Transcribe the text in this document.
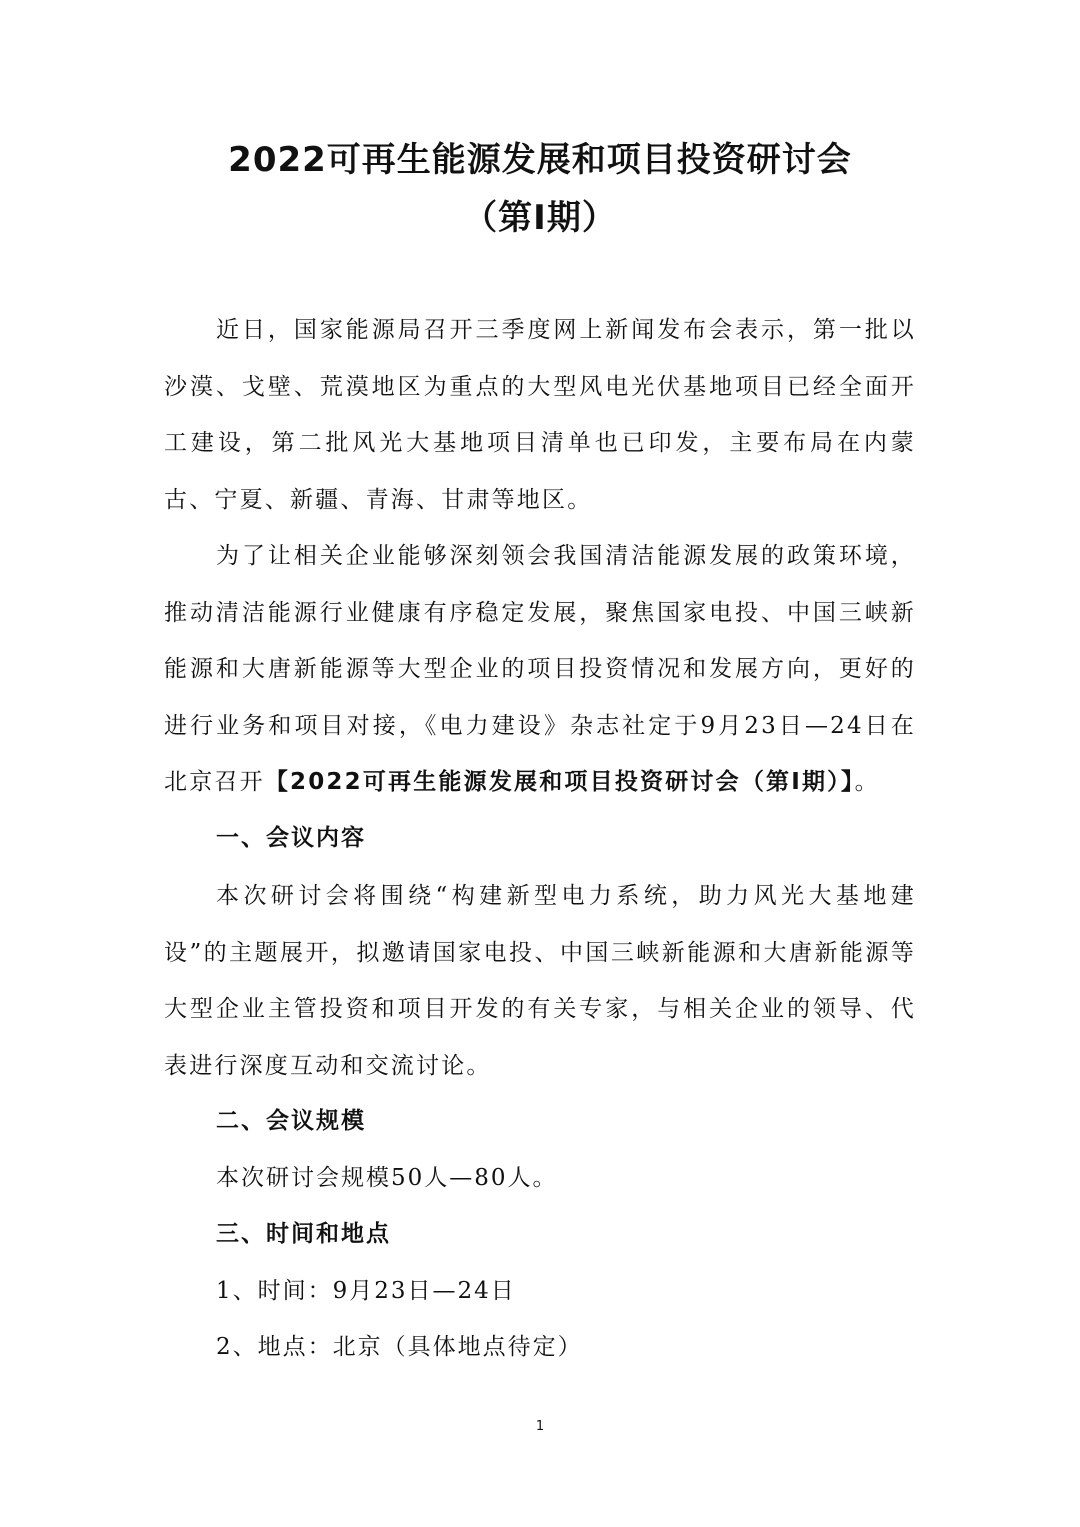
2022可再生能源发展和项目投资研讨会
（第Ⅰ期）

近日，国家能源局召开三季度网上新闻发布会表示，第一批以沙漠、戈壁、荒漠地区为重点的大型风电光伏基地项目已经全面开工建设，第二批风光大基地项目清单也已印发，主要布局在内蒙古、宁夏、新疆、青海、甘肃等地区。

为了让相关企业能够深刻领会我国清洁能源发展的政策环境，推动清洁能源行业健康有序稳定发展，聚焦国家电投、中国三峡新能源和大唐新能源等大型企业的项目投资情况和发展方向，更好的进行业务和项目对接，《电力建设》杂志社定于9月23日—24日在北京召开【2022可再生能源发展和项目投资研讨会（第Ⅰ期）】。

一、会议内容

本次研讨会将围绕“构建新型电力系统，助力风光大基地建设”的主题展开，拟邀请国家电投、中国三峡新能源和大唐新能源等大型企业主管投资和项目开发的有关专家，与相关企业的领导、代表进行深度互动和交流讨论。

二、会议规模
本次研讨会规模50人—80人。
三、时间和地点
1、时间：9月23日—24日
2、地点：北京（具体地点待定）
1
